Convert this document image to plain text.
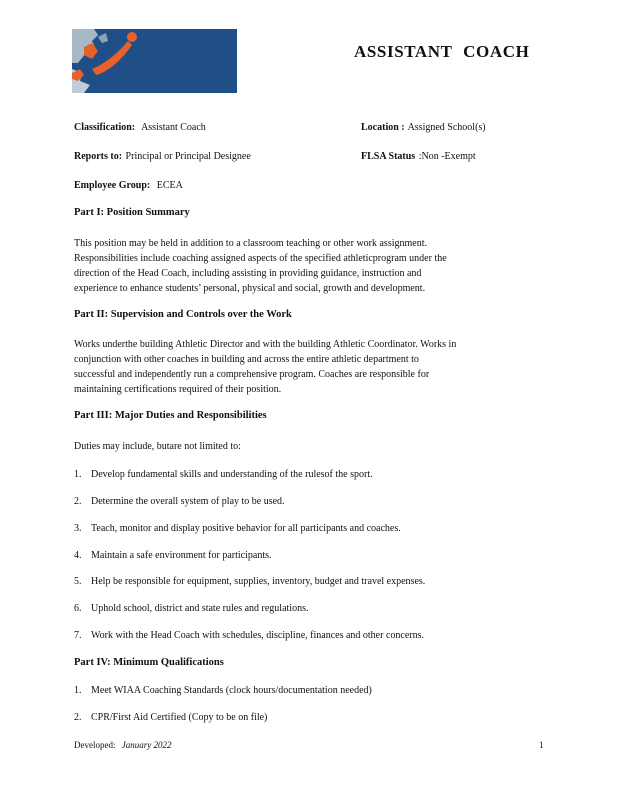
ASSISTANT COACH
Classification: Assistant Coach	Location : Assigned School(s)
Reports to: Principal or Principal Designee	FLSA Status :Non -Exempt
Employee Group: ECEA
Part I: Position Summary
This position may be held in addition to a classroom teaching or other work assignment.
Responsibilities include coaching assigned aspects of the specified athleticprogram under the
direction of the Head Coach, including assisting in providing guidance, instruction and
experience to enhance students’ personal, physical and social, growth and development.
Part II: Supervision and Controls over the Work
Works underthe building Athletic Director and with the building Athletic Coordinator. Works in
conjunction with other coaches in building and across the entire athletic department to
successful and independently run a comprehensive program. Coaches are responsible for
maintaining certifications required of their position.
Part III: Major Duties and Responsibilities
Duties may include, butare not limited to:
1. Develop fundamental skills and understanding of the rulesof the sport.
2. Determine the overall system of play to be used.
3. Teach, monitor and display positive behavior for all participants and coaches.
4. Maintain a safe environment for participants.
5. Help be responsible for equipment, supplies, inventory, budget and travel expenses.
6. Uphold school, district and state rules and regulations.
7. Work with the Head Coach with schedules, discipline, finances and other concerns.
Part IV: Minimum Qualifications
1. Meet WIAA Coaching Standards (clock hours/documentation needed)
2. CPR/First Aid Certified (Copy to be on file)
Developed: January 2022	1
